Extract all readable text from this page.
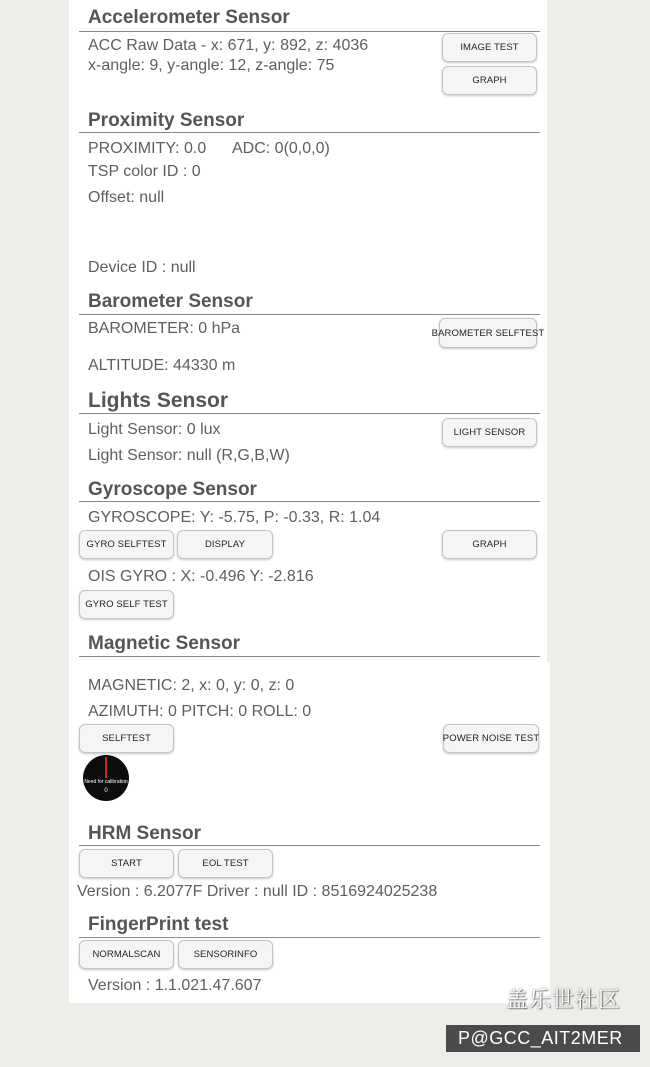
Accelerometer Sensor
ACC Raw Data - x: 671, y: 892, z: 4036
x-angle: 9, y-angle: 12, z-angle: 75
IMAGE TEST
GRAPH
Proximity Sensor
PROXIMITY: 0.0 ADC: 0(0,0,0)
TSP color ID : 0
Offset: null
Device ID : null
Barometer Sensor
BAROMETER: 0 hPa
ALTITUDE: 44330 m
BAROMETER SELFTEST
Lights Sensor
Light Sensor: 0 lux
Light Sensor: null (R,G,B,W)
LIGHT SENSOR
Gyroscope Sensor
GYROSCOPE: Y: -5.75, P: -0.33, R: 1.04
GYRO SELFTEST	DISPLAY	GRAPH
OIS GYRO : X: -0.496 Y: -2.816
GYRO SELF TEST
Magnetic Sensor
MAGNETIC: 2, x: 0, y: 0, z: 0
AZIMUTH: 0 PITCH: 0 ROLL: 0
SELFTEST	POWER NOISE TEST
Need for calibration
0
HRM Sensor
START	EOL TEST
Version : 6.2077F Driver : null ID : 8516924025238
FingerPrint test
NORMALSCAN	SENSORINFO
Version : 1.1.021.47.607
盖乐世社区
P@GCC_AIT2MER
